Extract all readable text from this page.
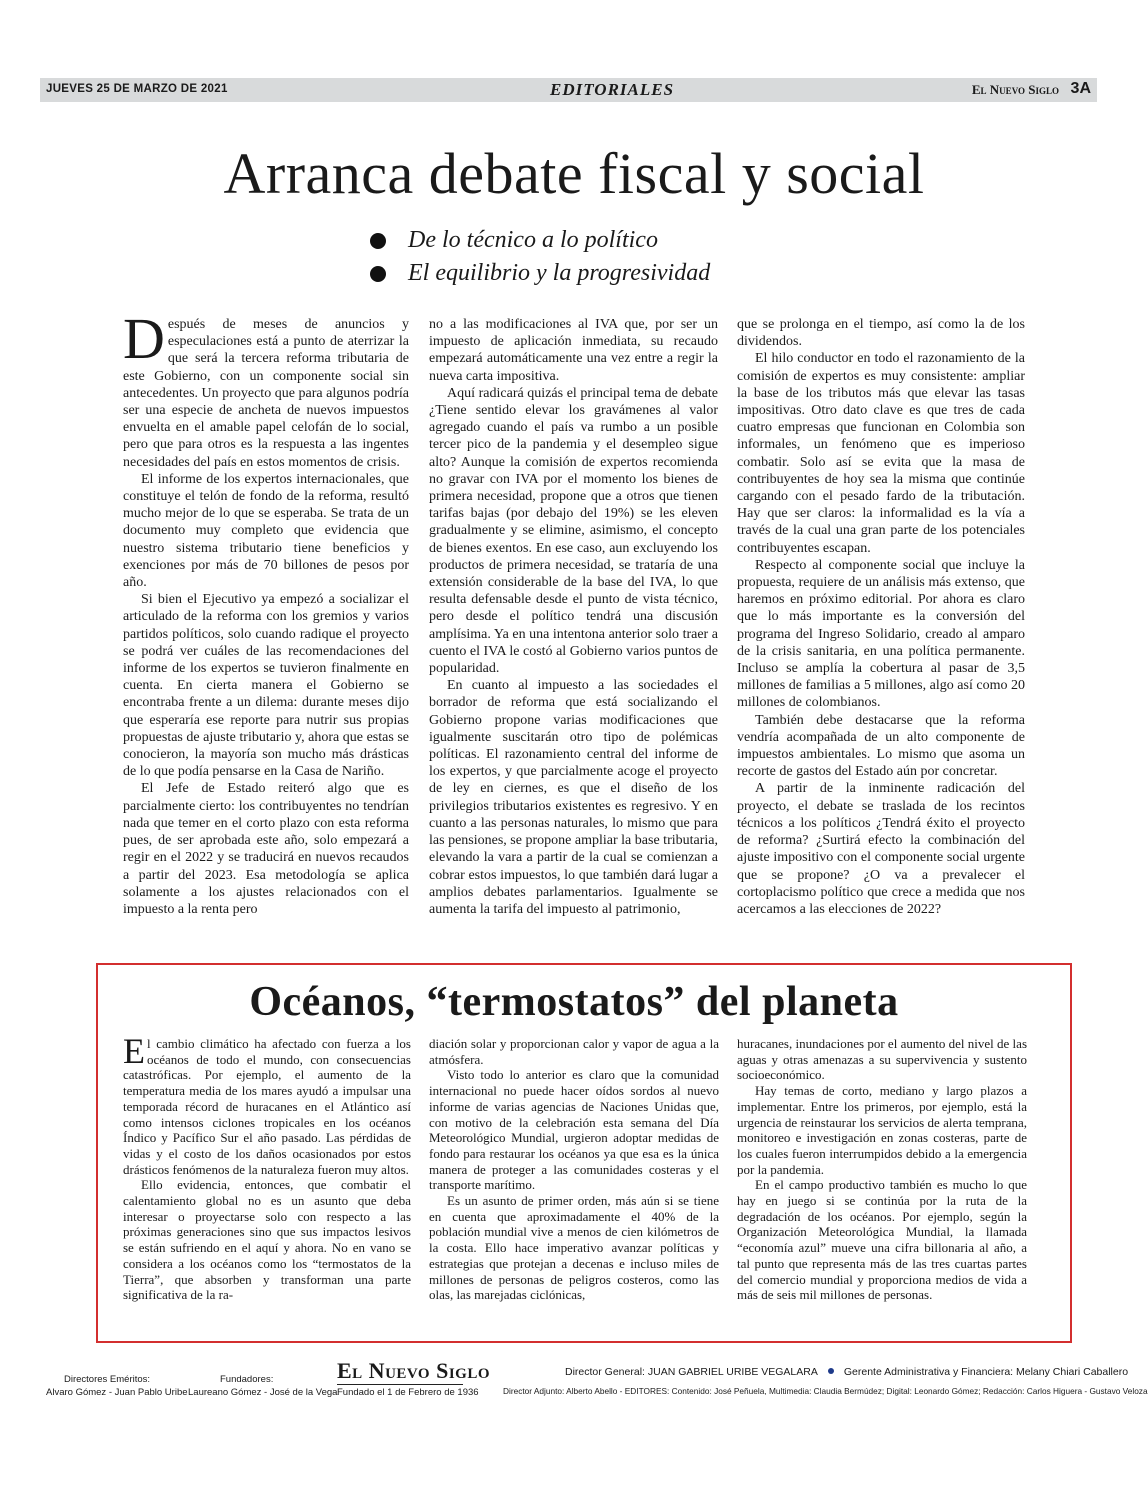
JUEVES 25 DE MARZO DE 2021	EDITORIALES	El Nuevo Siglo 3A
Arranca debate fiscal y social
De lo técnico a lo político
El equilibrio y la progresividad

Después de meses de anuncios y especulaciones está a punto de aterrizar la que será la tercera reforma tributaria de este Gobierno, con un componente social sin antecedentes. Un proyecto que para algunos podría ser una especie de ancheta de nuevos impuestos envuelta en el amable papel celofán de lo social, pero que para otros es la respuesta a las ingentes necesidades del país en estos momentos de crisis.

El informe de los expertos internacionales, que constituye el telón de fondo de la reforma, resultó mucho mejor de lo que se esperaba. Se trata de un documento muy completo que evidencia que nuestro sistema tributario tiene beneficios y exenciones por más de 70 billones de pesos por año.

Si bien el Ejecutivo ya empezó a socializar el articulado de la reforma con los gremios y varios partidos políticos, solo cuando radique el proyecto se podrá ver cuáles de las recomendaciones del informe de los expertos se tuvieron finalmente en cuenta. En cierta manera el Gobierno se encontraba frente a un dilema: durante meses dijo que esperaría ese reporte para nutrir sus propias propuestas de ajuste tributario y, ahora que estas se conocieron, la mayoría son mucho más drásticas de lo que podía pensarse en la Casa de Nariño.

El Jefe de Estado reiteró algo que es parcialmente cierto: los contribuyentes no tendrían nada que temer en el corto plazo con esta reforma pues, de ser aprobada este año, solo empezará a regir en el 2022 y se traducirá en nuevos recaudos a partir del 2023. Esa metodología se aplica solamente a los ajustes relacionados con el impuesto a la renta pero

no a las modificaciones al IVA que, por ser un impuesto de aplicación inmediata, su recaudo empezará automáticamente una vez entre a regir la nueva carta impositiva.

Aquí radicará quizás el principal tema de debate ¿Tiene sentido elevar los gravámenes al valor agregado cuando el país va rumbo a un posible tercer pico de la pandemia y el desempleo sigue alto? Aunque la comisión de expertos recomienda no gravar con IVA por el momento los bienes de primera necesidad, propone que a otros que tienen tarifas bajas (por debajo del 19%) se les eleven gradualmente y se elimine, asimismo, el concepto de bienes exentos. En ese caso, aun excluyendo los productos de primera necesidad, se trataría de una extensión considerable de la base del IVA, lo que resulta defensable desde el punto de vista técnico, pero desde el político tendrá una discusión amplísima. Ya en una intentona anterior solo traer a cuento el IVA le costó al Gobierno varios puntos de popularidad.

En cuanto al impuesto a las sociedades el borrador de reforma que está socializando el Gobierno propone varias modificaciones que igualmente suscitarán otro tipo de polémicas políticas. El razonamiento central del informe de los expertos, y que parcialmente acoge el proyecto de ley en ciernes, es que el diseño de los privilegios tributarios existentes es regresivo. Y en cuanto a las personas naturales, lo mismo que para las pensiones, se propone ampliar la base tributaria, elevando la vara a partir de la cual se comienzan a cobrar estos impuestos, lo que también dará lugar a amplios debates parlamentarios. Igualmente se aumenta la tarifa del impuesto al patrimonio,

que se prolonga en el tiempo, así como la de los dividendos.

El hilo conductor en todo el razonamiento de la comisión de expertos es muy consistente: ampliar la base de los tributos más que elevar las tasas impositivas. Otro dato clave es que tres de cada cuatro empresas que funcionan en Colombia son informales, un fenómeno que es imperioso combatir. Solo así se evita que la masa de contribuyentes de hoy sea la misma que continúe cargando con el pesado fardo de la tributación. Hay que ser claros: la informalidad es la vía a través de la cual una gran parte de los potenciales contribuyentes escapan.

Respecto al componente social que incluye la propuesta, requiere de un análisis más extenso, que haremos en próximo editorial. Por ahora es claro que lo más importante es la conversión del programa del Ingreso Solidario, creado al amparo de la crisis sanitaria, en una política permanente. Incluso se amplía la cobertura al pasar de 3,5 millones de familias a 5 millones, algo así como 20 millones de colombianos.

También debe destacarse que la reforma vendría acompañada de un alto componente de impuestos ambientales. Lo mismo que asoma un recorte de gastos del Estado aún por concretar.

A partir de la inminente radicación del proyecto, el debate se traslada de los recintos técnicos a los políticos ¿Tendrá éxito el proyecto de reforma? ¿Surtirá efecto la combinación del ajuste impositivo con el componente social urgente que se propone? ¿O va a prevalecer el cortoplacismo político que crece a medida que nos acercamos a las elecciones de 2022?

Océanos, “termostatos” del planeta

El cambio climático ha afectado con fuerza a los océanos de todo el mundo, con consecuencias catastróficas. Por ejemplo, el aumento de la temperatura media de los mares ayudó a impulsar una temporada récord de huracanes en el Atlántico así como intensos ciclones tropicales en los océanos Índico y Pacífico Sur el año pasado. Las pérdidas de vidas y el costo de los daños ocasionados por estos drásticos fenómenos de la naturaleza fueron muy altos.

Ello evidencia, entonces, que combatir el calentamiento global no es un asunto que deba interesar o proyectarse solo con respecto a las próximas generaciones sino que sus impactos lesivos se están sufriendo en el aquí y ahora. No en vano se considera a los océanos como los “termostatos de la Tierra”, que absorben y transforman una parte significativa de la ra-

diación solar y proporcionan calor y vapor de agua a la atmósfera.

Visto todo lo anterior es claro que la comunidad internacional no puede hacer oídos sordos al nuevo informe de varias agencias de Naciones Unidas que, con motivo de la celebración esta semana del Día Meteorológico Mundial, urgieron adoptar medidas de fondo para restaurar los océanos ya que esa es la única manera de proteger a las comunidades costeras y el transporte marítimo.

Es un asunto de primer orden, más aún si se tiene en cuenta que aproximadamente el 40% de la población mundial vive a menos de cien kilómetros de la costa. Ello hace imperativo avanzar políticas y estrategias que protejan a decenas e incluso miles de millones de personas de peligros costeros, como las olas, las marejadas ciclónicas,

huracanes, inundaciones por el aumento del nivel de las aguas y otras amenazas a su supervivencia y sustento socioeconómico.

Hay temas de corto, mediano y largo plazos a implementar. Entre los primeros, por ejemplo, está la urgencia de reinstaurar los servicios de alerta temprana, monitoreo e investigación en zonas costeras, parte de los cuales fueron interrumpidos debido a la emergencia por la pandemia.

En el campo productivo también es mucho lo que hay en juego si se continúa por la ruta de la degradación de los océanos. Por ejemplo, según la Organización Meteorológica Mundial, la llamada “economía azul” mueve una cifra billonaria al año, a tal punto que representa más de las tres cuartas partes del comercio mundial y proporciona medios de vida a más de seis mil millones de personas.

Directores Eméritos:
Alvaro Gómez - Juan Pablo Uribe
Fundadores:
Laureano Gómez - José de la Vega
El Nuevo Siglo
Fundado el 1 de Febrero de 1936
Director General: JUAN GABRIEL URIBE VEGALARA Gerente Administrativa y Financiera: Melany Chiari Caballero
Director Adjunto: Alberto Abello - EDITORES: Contenido: José Peñuela, Multimedia: Claudia Bermúdez; Digital: Leonardo Gómez; Redacción: Carlos Higuera - Gustavo Veloza
